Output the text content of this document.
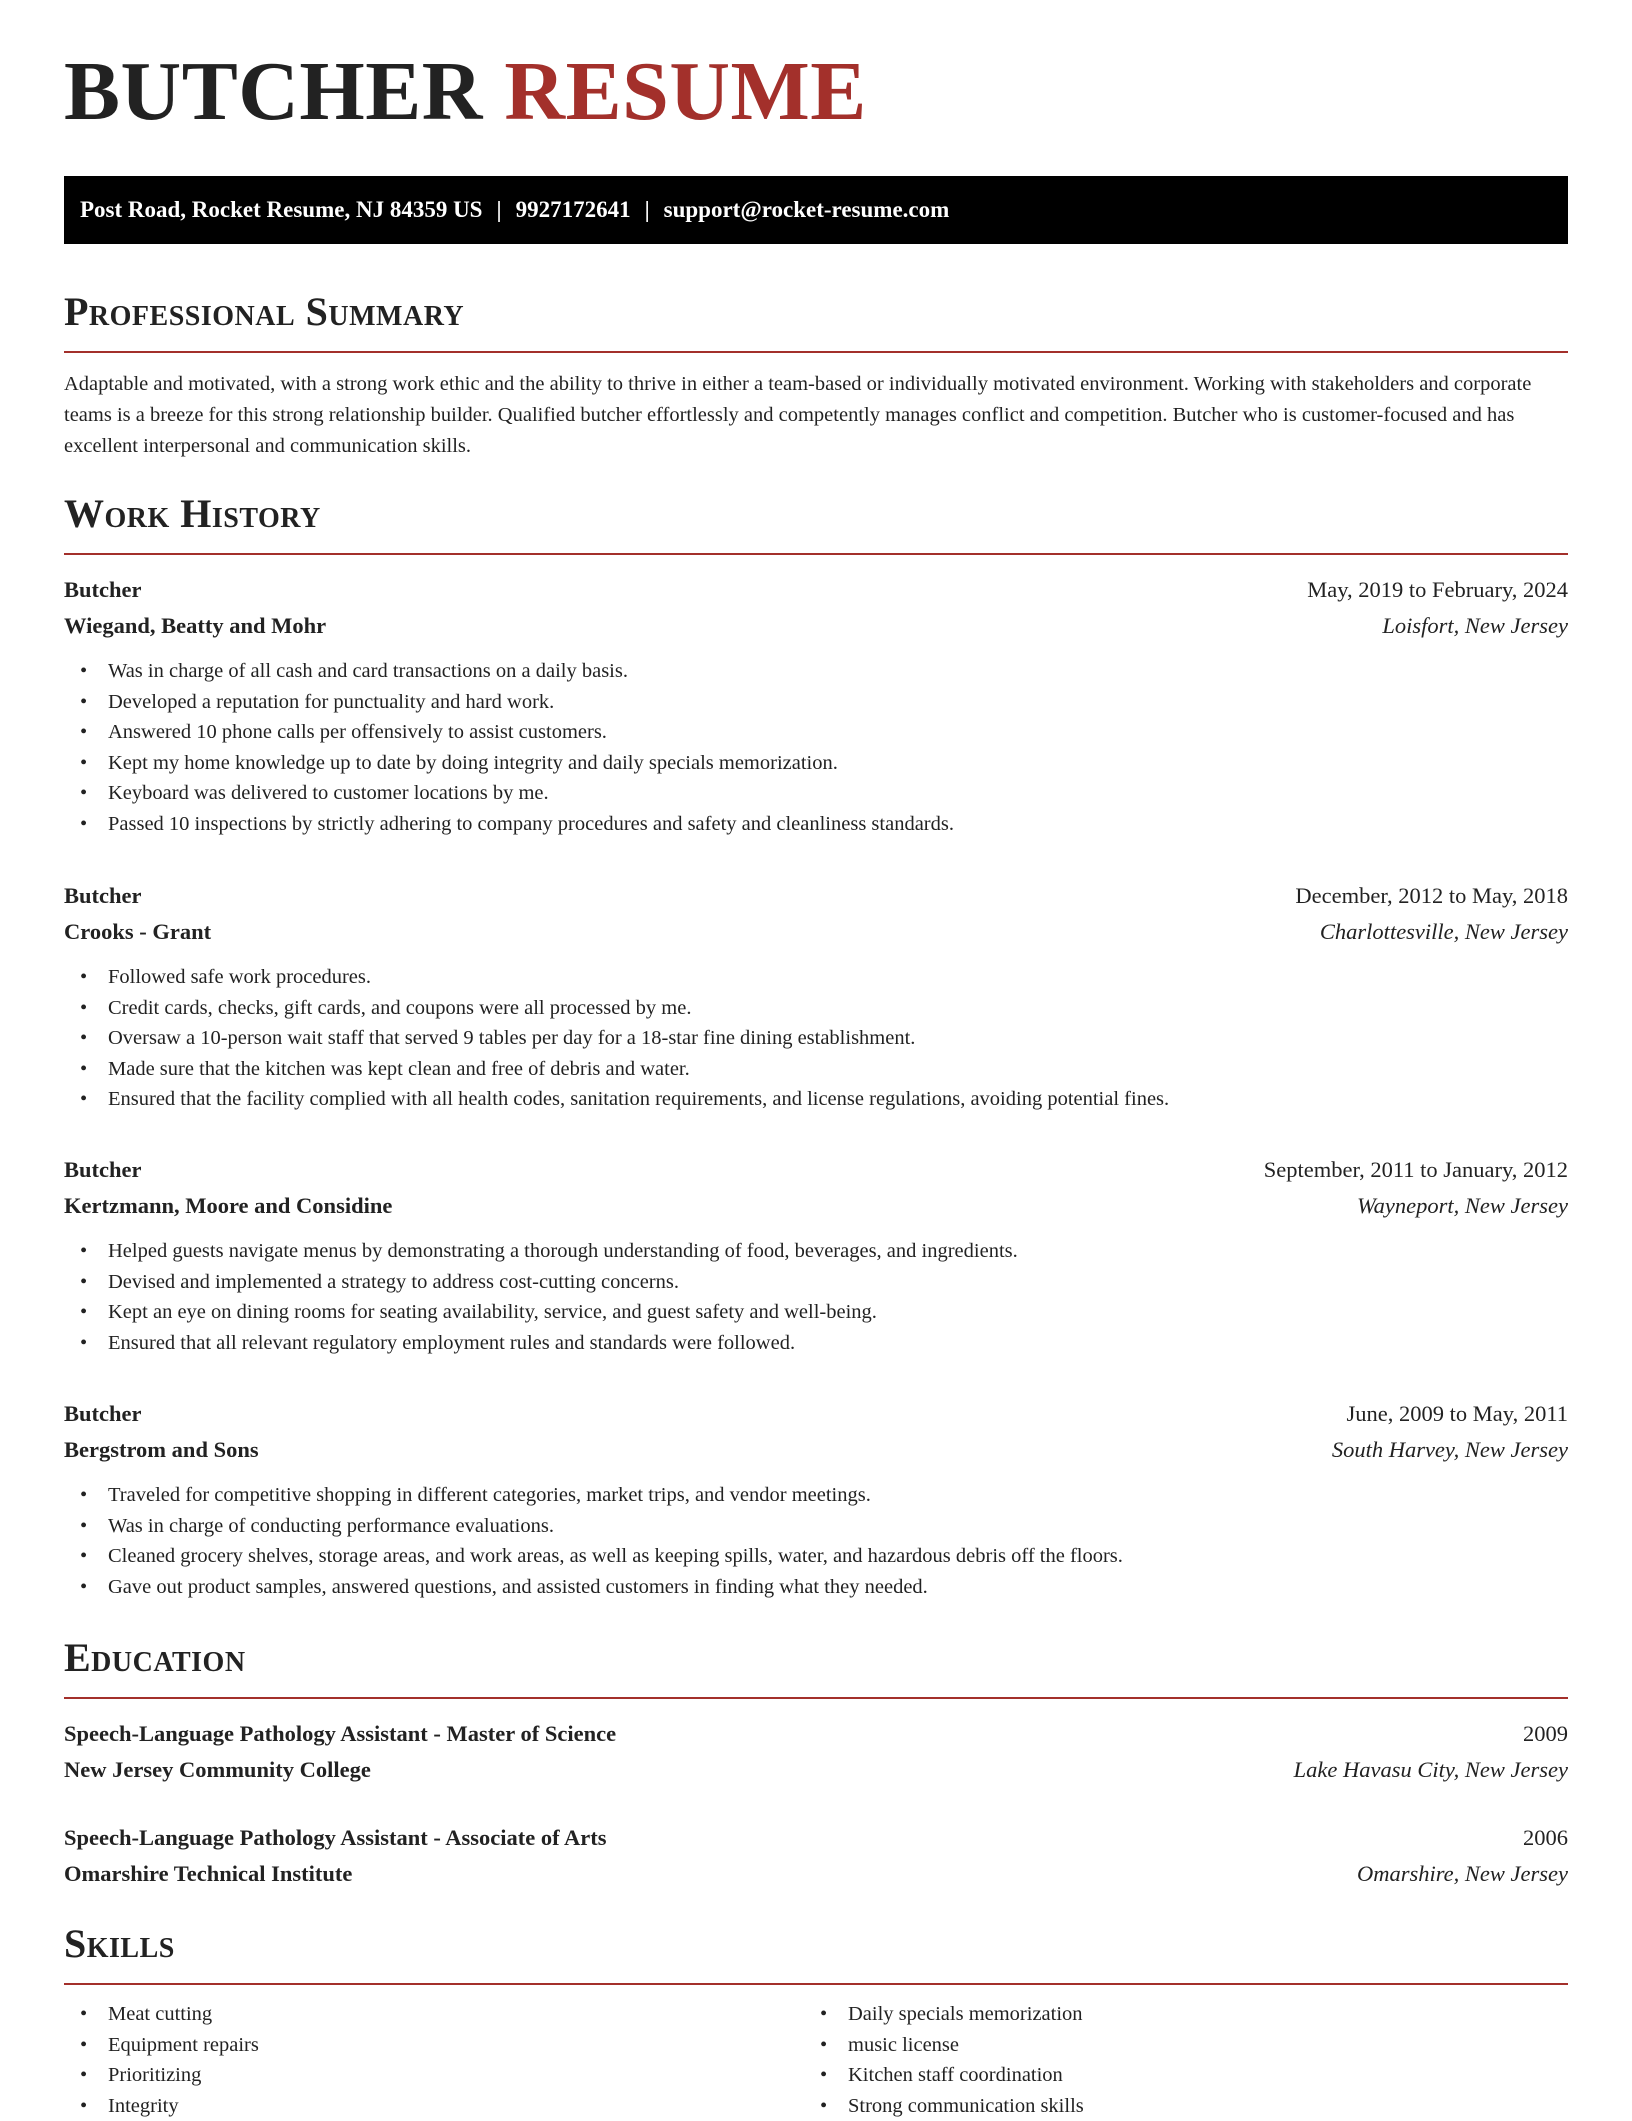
BUTCHER RESUME
Post Road, Rocket Resume, NJ 84359 US | 9927172641 | support@rocket-resume.com
Professional Summary

Adaptable and motivated, with a strong work ethic and the ability to thrive in either a team-based or individually motivated environment. Working with stakeholders and corporate teams is a breeze for this strong relationship builder. Qualified butcher effortlessly and competently manages conflict and competition. Butcher who is customer-focused and has excellent interpersonal and communication skills.

Work History
Butcher	May, 2019 to February, 2024
Wiegand, Beatty and Mohr	Loisfort, New Jersey
• Was in charge of all cash and card transactions on a daily basis.
• Developed a reputation for punctuality and hard work.
• Answered 10 phone calls per offensively to assist customers.
• Kept my home knowledge up to date by doing integrity and daily specials memorization.
• Keyboard was delivered to customer locations by me.
• Passed 10 inspections by strictly adhering to company procedures and safety and cleanliness standards.
Butcher	December, 2012 to May, 2018
Crooks - Grant	Charlottesville, New Jersey
• Followed safe work procedures.
• Credit cards, checks, gift cards, and coupons were all processed by me.
• Oversaw a 10-person wait staff that served 9 tables per day for a 18-star fine dining establishment.
• Made sure that the kitchen was kept clean and free of debris and water.
• Ensured that the facility complied with all health codes, sanitation requirements, and license regulations, avoiding potential fines.
Butcher	September, 2011 to January, 2012
Kertzmann, Moore and Considine	Wayneport, New Jersey
• Helped guests navigate menus by demonstrating a thorough understanding of food, beverages, and ingredients.
• Devised and implemented a strategy to address cost-cutting concerns.
• Kept an eye on dining rooms for seating availability, service, and guest safety and well-being.
• Ensured that all relevant regulatory employment rules and standards were followed.
Butcher	June, 2009 to May, 2011
Bergstrom and Sons	South Harvey, New Jersey
• Traveled for competitive shopping in different categories, market trips, and vendor meetings.
• Was in charge of conducting performance evaluations.
• Cleaned grocery shelves, storage areas, and work areas, as well as keeping spills, water, and hazardous debris off the floors.
• Gave out product samples, answered questions, and assisted customers in finding what they needed.
Education
Speech-Language Pathology Assistant - Master of Science	2009
New Jersey Community College	Lake Havasu City, New Jersey
Speech-Language Pathology Assistant - Associate of Arts	2006
Omarshire Technical Institute	Omarshire, New Jersey
Skills
• Meat cutting
• Equipment repairs
• Prioritizing
• Integrity
• Daily specials memorization
• music license
• Kitchen staff coordination
• Strong communication skills
